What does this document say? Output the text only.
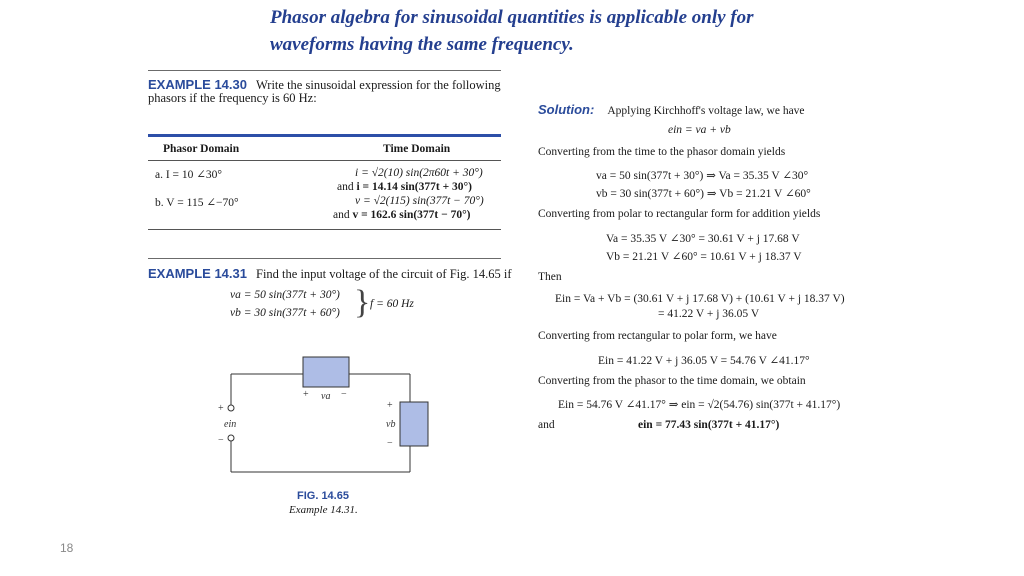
Phasor algebra for sinusoidal quantities is applicable only for waveforms having the same frequency.
EXAMPLE 14.30 Write the sinusoidal expression for the following
phasors if the frequency is 60 Hz:
Phasor Domain	Time Domain
a. I = 10 ∠30°	i = √2(10) sin(2π60t + 30°)
and i = 14.14 sin(377t + 30°)
b. V = 115 ∠−70°	v = √2(115) sin(377t − 70°)
and v = 162.6 sin(377t − 70°)
EXAMPLE 14.31 Find the input voltage of the circuit of Fig. 14.65 if
va = 50 sin(377t + 30°)
vb = 30 sin(377t + 60°) } f = 60 Hz
+ va −
+
ein
−
+
vb
−
FIG. 14.65
Example 14.31.
Solution: Applying Kirchhoff's voltage law, we have
ein = va + vb
Converting from the time to the phasor domain yields
va = 50 sin(377t + 30°) ⇒ Va = 35.35 V ∠30°
vb = 30 sin(377t + 60°) ⇒ Vb = 21.21 V ∠60°
Converting from polar to rectangular form for addition yields
Va = 35.35 V ∠30° = 30.61 V + j 17.68 V
Vb = 21.21 V ∠60° = 10.61 V + j 18.37 V
Then
Ein = Va + Vb = (30.61 V + j 17.68 V) + (10.61 V + j 18.37 V)
= 41.22 V + j 36.05 V
Converting from rectangular to polar form, we have
Ein = 41.22 V + j 36.05 V = 54.76 V ∠41.17°
Converting from the phasor to the time domain, we obtain
Ein = 54.76 V ∠41.17° ⇒ ein = √2(54.76) sin(377t + 41.17°)
and	ein = 77.43 sin(377t + 41.17°)
18
